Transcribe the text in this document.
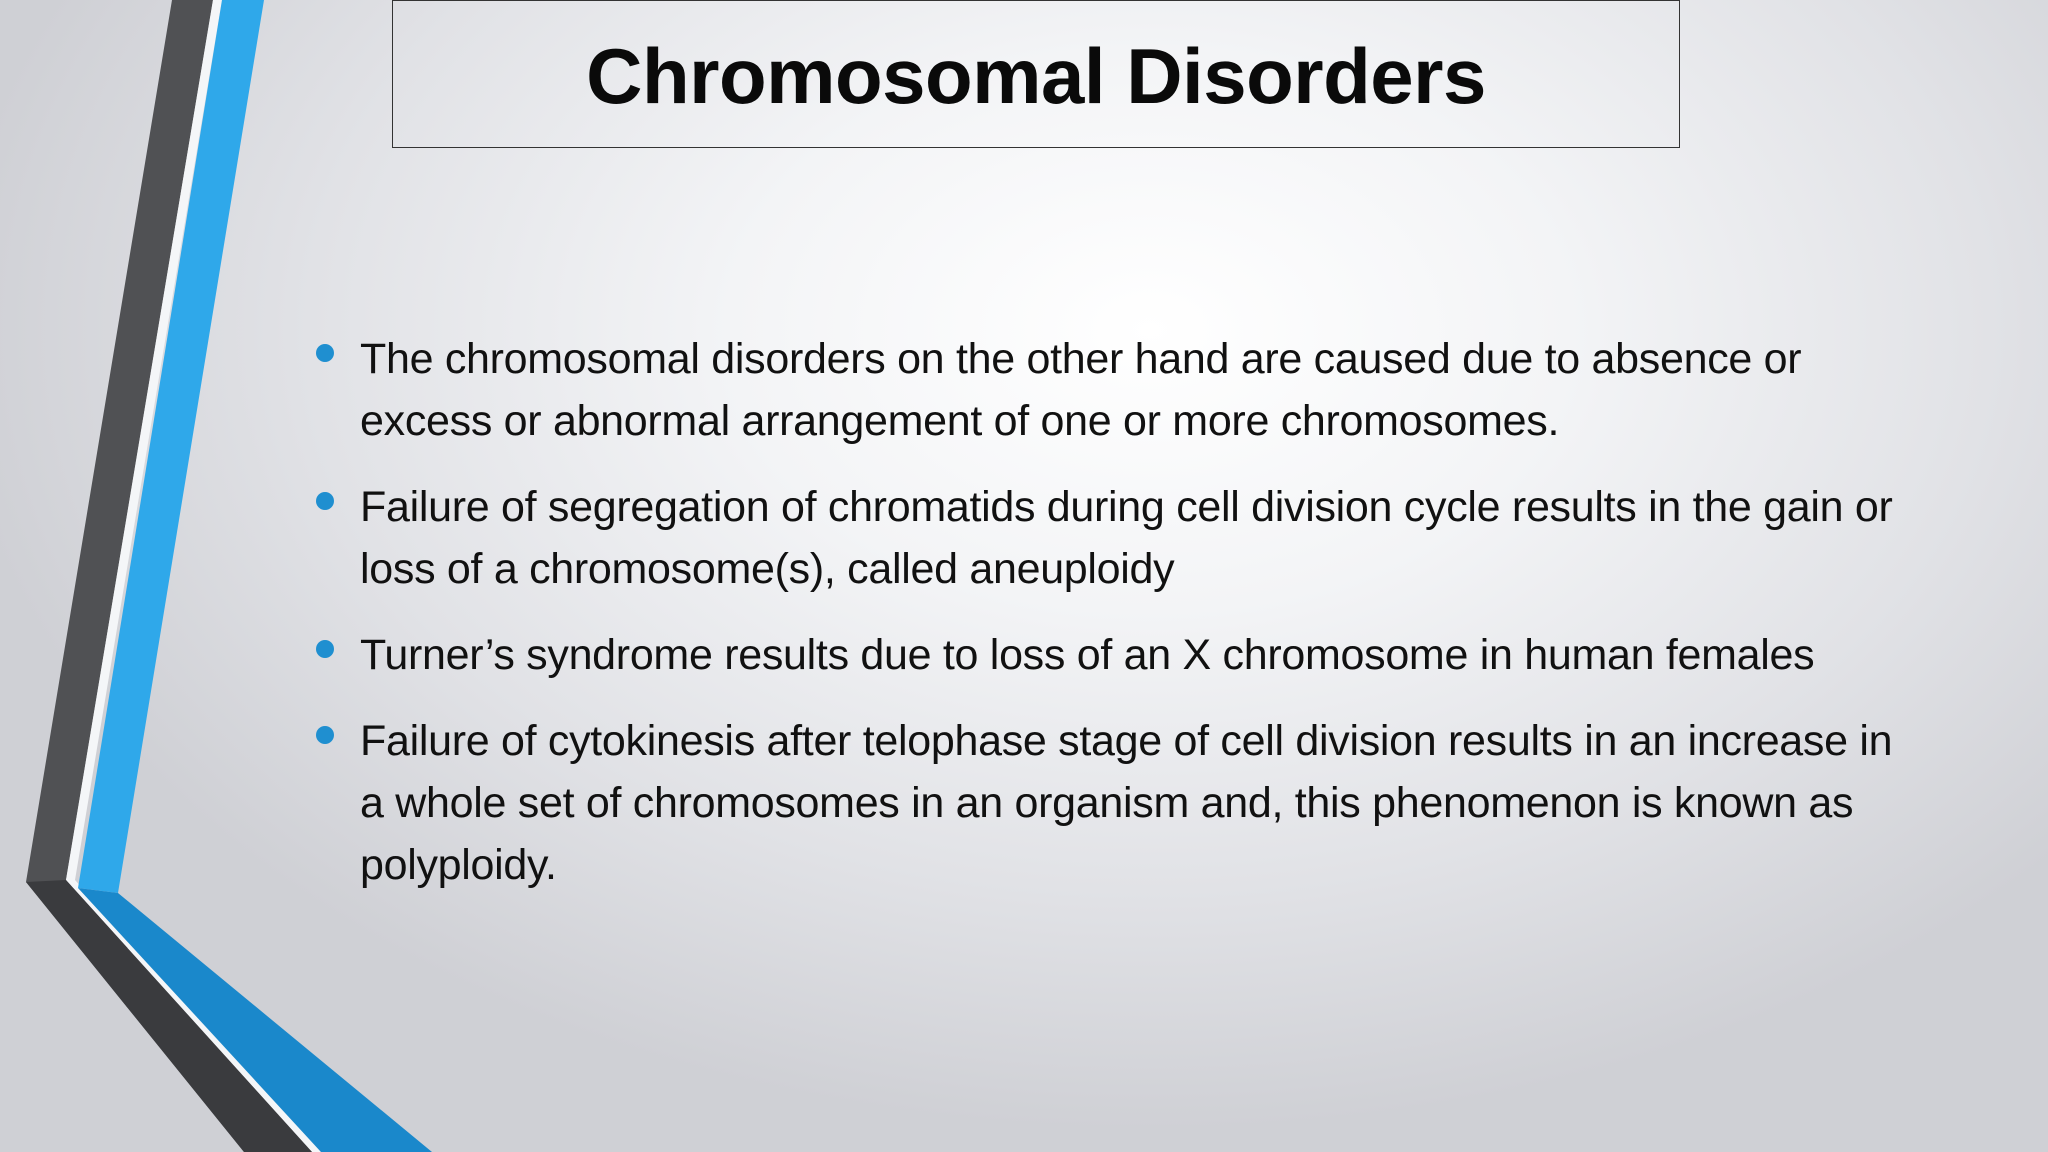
Chromosomal Disorders
The chromosomal disorders on the other hand are caused due to absence or excess or abnormal arrangement of one or more chromosomes.
Failure of segregation of chromatids during cell division cycle results in the gain or loss of a chromosome(s), called aneuploidy
Turner’s syndrome results due to loss of an X chromosome in human females
Failure of cytokinesis after telophase stage of cell division results in an increase in a whole set of chromosomes in an organism and, this phenomenon is known as polyploidy.
